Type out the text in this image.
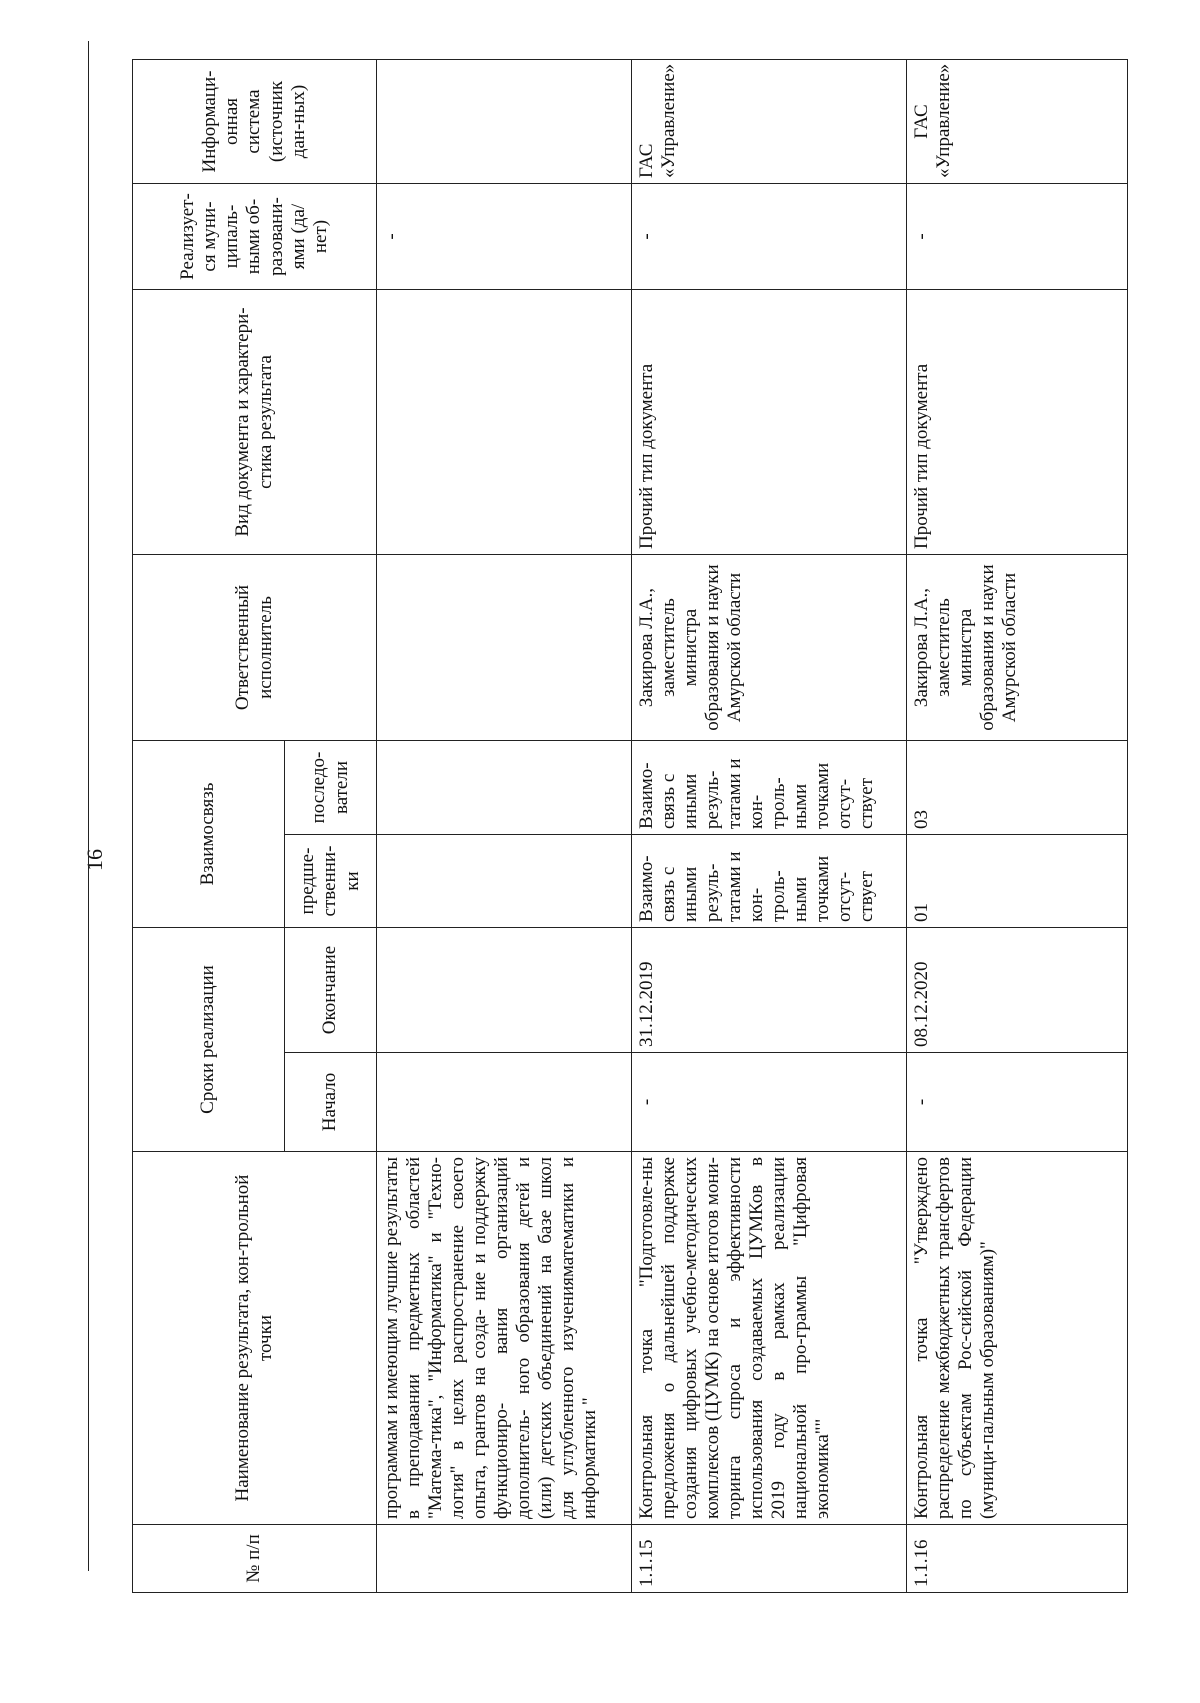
16
№ п/п	Наименование результата, кон-трольной точки	Сроки реализации		Взаимосвязь		Ответственный исполнитель	Вид документа и характери-стика результата	Реализует-ся муни-ципаль-ными об-разовани-ями (да/нет)	Информаци-онная система (источник дан-ных)
		Начало	Окончание	предше-ственни-ки	последо-ватели				
	программам и имеющим лучшие результаты в преподавании предметных областей "Матема-тика", "Информатика" и "Техно-логия" в целях распространение своего опыта, грантов на созда- ние и поддержку функциониро- вания организаций дополнитель- ного образования детей и (или) детских объединений на базе школ для углубленного изученияматематики и информатики "							-	
1.1.15	Контрольная точка "Подготовле-ны предложения о дальнейшей поддержке создания цифровых учебно-методических комплексов (ЦУМК) на основе итогов мони-торинга спроса и эффективности использования создаваемых ЦУМКов в 2019 году в рамках реализации национальной про-граммы "Цифровая экономика""	-	31.12.2019	Взаимо-связь с иными резуль-татами и кон-троль-ными точками отсут-ствует	Взаимо-связь с иными резуль-татами и кон-троль-ными точками отсут-ствует	Закирова Л.А., заместитель министра образования и науки Амурской области	Прочий тип документа	-	ГАС «Управление»
1.1.16	Контрольная точка "Утверждено распределение межбюджетных трансфертов по субъектам Рос-сийской Федерации (муници-пальным образованиям)"	-	08.12.2020	01	03	Закирова Л.А., заместитель министра образования и науки Амурской области	Прочий тип документа	-	ГАС «Управление»
